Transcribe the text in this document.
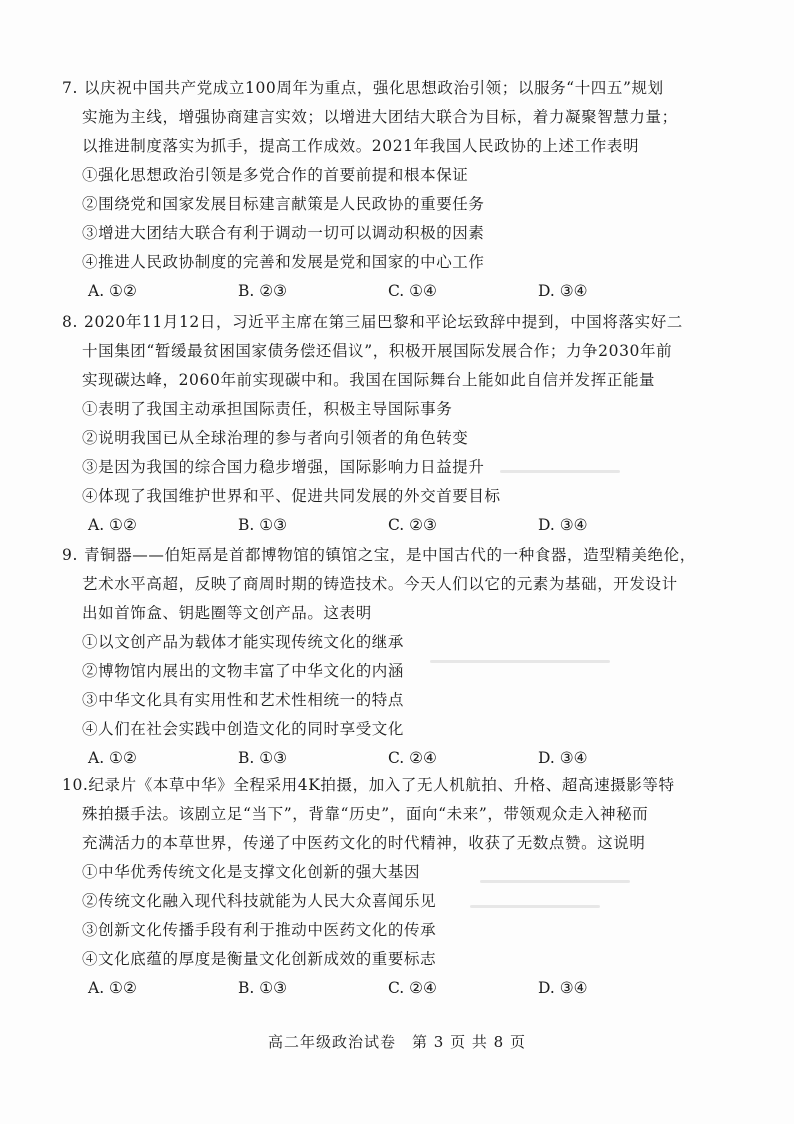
7. 以庆祝中国共产党成立100周年为重点，强化思想政治引领；以服务“十四五”规划
实施为主线，增强协商建言实效；以增进大团结大联合为目标，着力凝聚智慧力量；
以推进制度落实为抓手，提高工作成效。2021年我国人民政协的上述工作表明

①强化思想政治引领是多党合作的首要前提和根本保证
②围绕党和国家发展目标建言献策是人民政协的重要任务
③增进大团结大联合有利于调动一切可以调动积极的因素
④推进人民政协制度的完善和发展是党和国家的中心工作
A. ①②	B. ②③	C. ①④	D. ③④

8. 2020年11月12日，习近平主席在第三届巴黎和平论坛致辞中提到，中国将落实好二
十国集团“暂缓最贫困国家债务偿还倡议”，积极开展国际发展合作；力争2030年前
实现碳达峰，2060年前实现碳中和。我国在国际舞台上能如此自信并发挥正能量

①表明了我国主动承担国际责任，积极主导国际事务
②说明我国已从全球治理的参与者向引领者的角色转变
③是因为我国的综合国力稳步增强，国际影响力日益提升
④体现了我国维护世界和平、促进共同发展的外交首要目标
A. ①②	B. ①③	C. ②③	D. ③④

9. 青铜器——伯矩鬲是首都博物馆的镇馆之宝，是中国古代的一种食器，造型精美绝伦，
艺术水平高超，反映了商周时期的铸造技术。今天人们以它的元素为基础，开发设计
出如首饰盒、钥匙圈等文创产品。这表明

①以文创产品为载体才能实现传统文化的继承
②博物馆内展出的文物丰富了中华文化的内涵
③中华文化具有实用性和艺术性相统一的特点
④人们在社会实践中创造文化的同时享受文化
A. ①②	B. ①③	C. ②④	D. ③④

10.纪录片《本草中华》全程采用4K拍摄，加入了无人机航拍、升格、超高速摄影等特
殊拍摄手法。该剧立足“当下”，背靠“历史”，面向“未来”，带领观众走入神秘而
充满活力的本草世界，传递了中医药文化的时代精神，收获了无数点赞。这说明

①中华优秀传统文化是支撑文化创新的强大基因
②传统文化融入现代科技就能为人民大众喜闻乐见
③创新文化传播手段有利于推动中医药文化的传承
④文化底蕴的厚度是衡量文化创新成效的重要标志
A. ①②	B. ①③	C. ②④	D. ③④
高二年级政治试卷　第 3 页 共 8 页
